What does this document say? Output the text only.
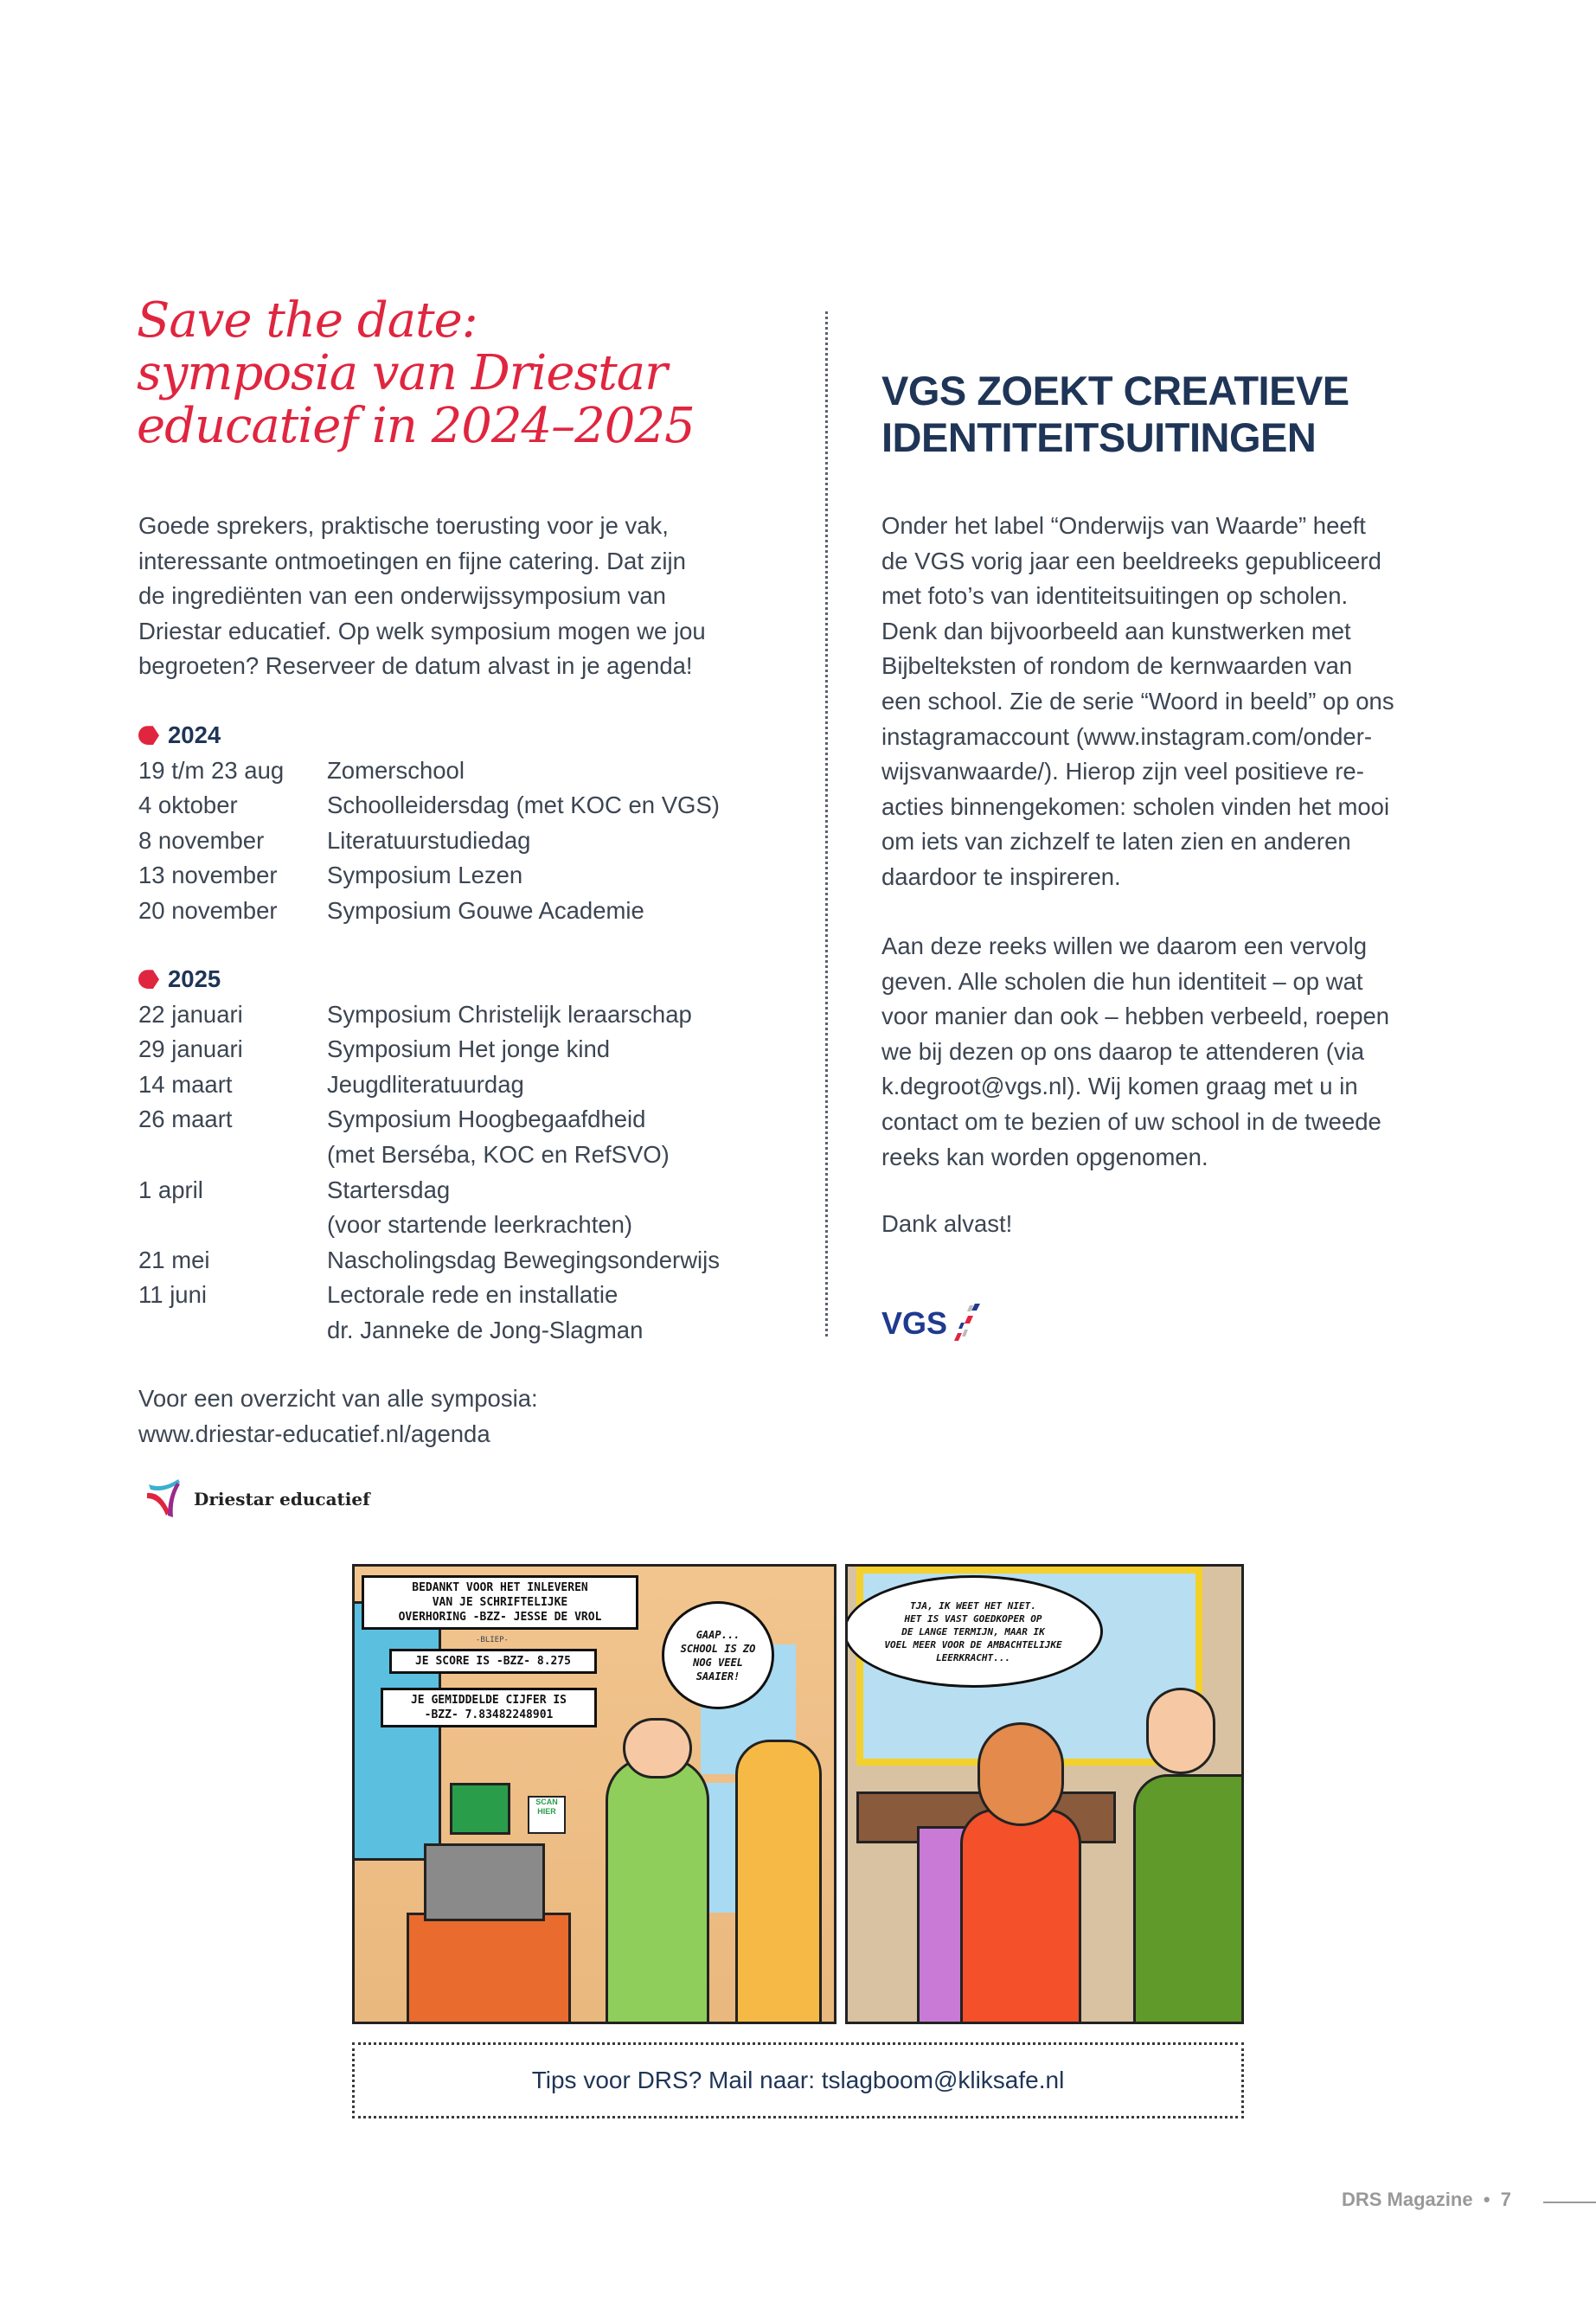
Save the date:
symposia van Driestar
educatief in 2024–2025
Goede sprekers, praktische toerusting voor je vak,
interessante ontmoetingen en fijne catering. Dat zijn
de ingrediënten van een onderwijssymposium van
Driestar educatief. Op welk symposium mogen we jou
begroeten? Reserveer de datum alvast in je agenda!
2024
19 t/m 23 aug	Zomerschool
4 oktober	Schoolleidersdag (met KOC en VGS)
8 november	Literatuurstudiedag
13 november	Symposium Lezen
20 november	Symposium Gouwe Academie
2025
22 januari	Symposium Christelijk leraarschap
29 januari	Symposium Het jonge kind
14 maart	Jeugdliteratuurdag
26 maart	Symposium Hoogbegaafdheid
(met Berséba, KOC en RefSVO)
1 april	Startersdag
(voor startende leerkrachten)
21 mei	Nascholingsdag Bewegingsonderwijs
11 juni	Lectorale rede en installatie
dr. Janneke de Jong-Slagman
Voor een overzicht van alle symposia:
www.driestar-educatief.nl/agenda
Driestar educatief
VGS ZOEKT CREATIEVE
IDENTITEITSUITINGEN
Onder het label “Onderwijs van Waarde” heeft
de VGS vorig jaar een beeldreeks gepubliceerd
met foto’s van identiteitsuitingen op scholen.
Denk dan bijvoorbeeld aan kunstwerken met
Bijbelteksten of rondom de kernwaarden van
een school. Zie de serie “Woord in beeld” op ons
instagramaccount (www.instagram.com/onder-
wijsvanwaarde/). Hierop zijn veel positieve re-
acties binnengekomen: scholen vinden het mooi
om iets van zichzelf te laten zien en anderen
daardoor te inspireren.
Aan deze reeks willen we daarom een vervolg
geven. Alle scholen die hun identiteit – op wat
voor manier dan ook – hebben verbeeld, roepen
we bij dezen op ons daarop te attenderen (via
k.degroot@vgs.nl). Wij komen graag met u in
contact om te bezien of uw school in de tweede
reeks kan worden opgenomen.
Dank alvast!
VGS
SCAN HIER
BEDANKT VOOR HET INLEVEREN
VAN JE SCHRIFTELIJKE
OVERHORING -BZZ- JESSE DE VROL
-BLIEP-
JE SCORE IS -BZZ- 8.275
JE GEMIDDELDE CIJFER IS
-BZZ- 7.83482248901
GAAP...
SCHOOL IS ZO
NOG VEEL
SAAIER!
TJA, IK WEET HET NIET.
HET IS VAST GOEDKOPER OP
DE LANGE TERMIJN, MAAR IK
VOEL MEER VOOR DE AMBACHTELIJKE
LEERKRACHT...
Tips voor DRS? Mail naar: tslagboom@kliksafe.nl
DRS Magazine  •  7
